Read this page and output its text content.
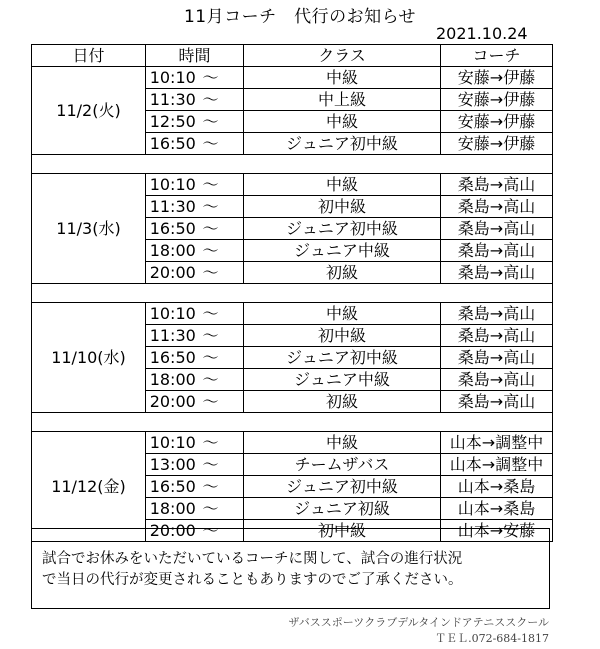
11月コーチ　代行のお知らせ
2021.10.24
日付	時間		クラス	コーチ
11/2(火)	10:10	～	中級	安藤→伊藤
	11:30	～	中上級	安藤→伊藤
	12:50	～	中級	安藤→伊藤
	16:50	～	ジュニア初中級	安藤→伊藤

11/3(水)	10:10	～	中級	桑島→高山
	11:30	～	初中級	桑島→高山
	16:50	～	ジュニア初中級	桑島→高山
	18:00	～	ジュニア中級	桑島→高山
	20:00	～	初級	桑島→高山

11/10(水)	10:10	～	中級	桑島→高山
	11:30	～	初中級	桑島→高山
	16:50	～	ジュニア初中級	桑島→高山
	18:00	～	ジュニア中級	桑島→高山
	20:00	～	初級	桑島→高山

11/12(金)	10:10	～	中級	山本→調整中
	13:00	～	チームザバス	山本→調整中
	16:50	～	ジュニア初中級	山本→桑島
	18:00	～	ジュニア初級	山本→桑島
	20:00	～	初中級	山本→安藤
試合でお休みをいただいているコーチに関して、試合の進行状況
で当日の代行が変更されることもありますのでご了承ください。
ザバススポーツクラブデルタインドアテニススクール
ＴＥＬ.072-684-1817
